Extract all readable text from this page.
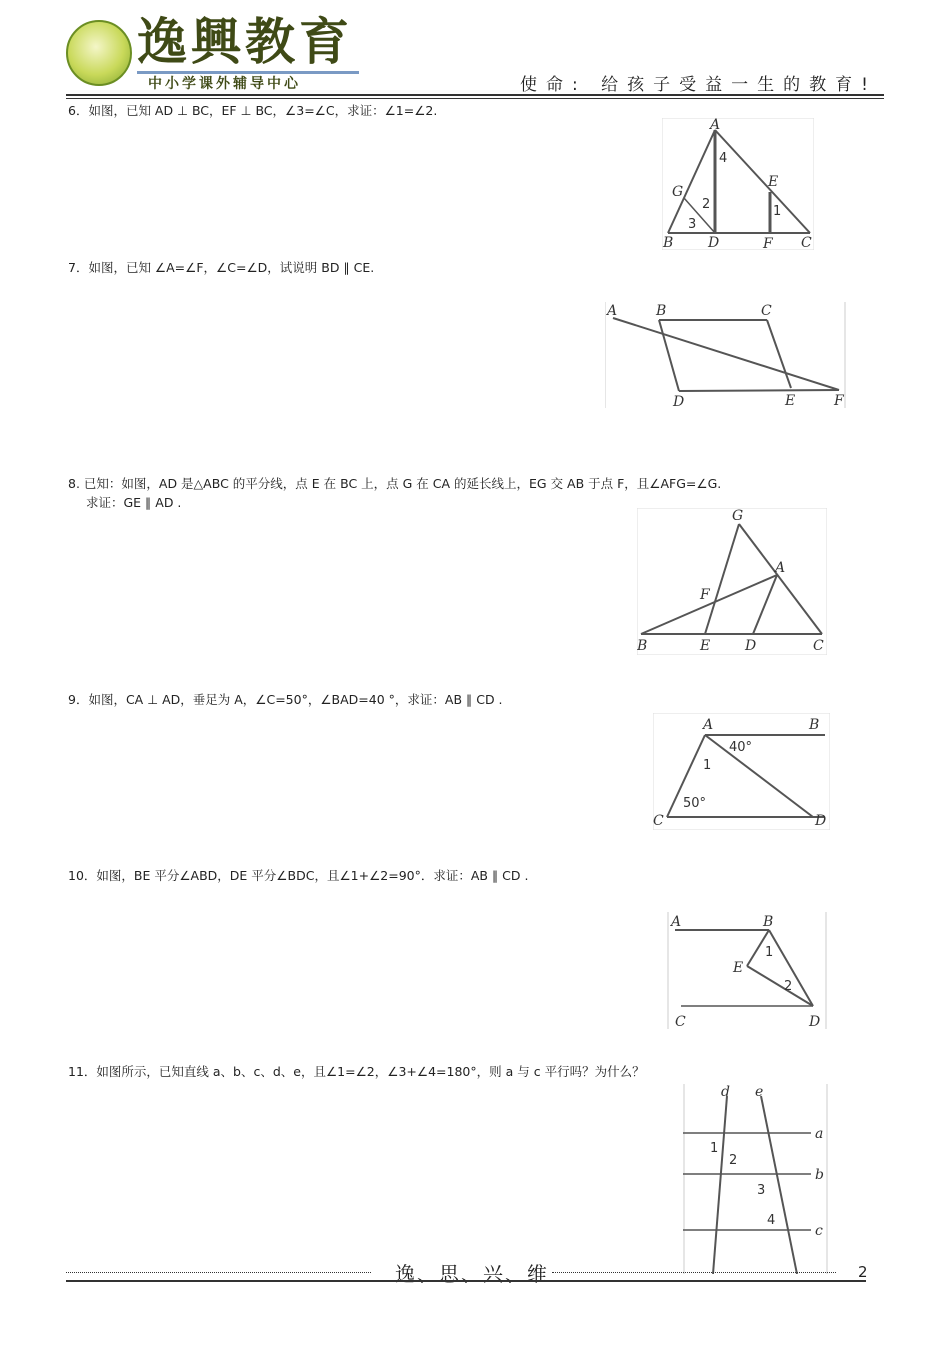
逸興教育
中小学课外辅导中心	使命: 给孩子受益一生的教育!
6．如图，已知 AD ⊥ BC，EF ⊥ BC，∠3=∠C，求证：∠1=∠2.
A
B	C
D
E
F
G
1
2
3
4
7．如图，已知 ∠A=∠F，∠C=∠D，试说明 BD ∥ CE.
A	B	C
D	E	F
8. 已知：如图，AD 是△ABC 的平分线，点 E 在 BC 上，点 G 在 CA 的延长线上，EG 交 AB 于点 F，且∠AFG=∠G.
求证：GE ∥ AD .
G
A
F
B	E D	C
9．如图，CA ⊥ AD，垂足为 A，∠C=50°，∠BAD=40 °，求证：AB ∥ CD .
A	B
C	D
1
40°
50°
10．如图，BE 平分∠ABD，DE 平分∠BDC，且∠1+∠2=90°．求证：AB ∥ CD .
A	B
E
C	D
1
2
11．如图所示，已知直线 a、b、c、d、e，且∠1=∠2，∠3+∠4=180°，则 a 与 c 平行吗？为什么？
d e
a
b
c
1
2
3
4
逸、思、兴、维	2
